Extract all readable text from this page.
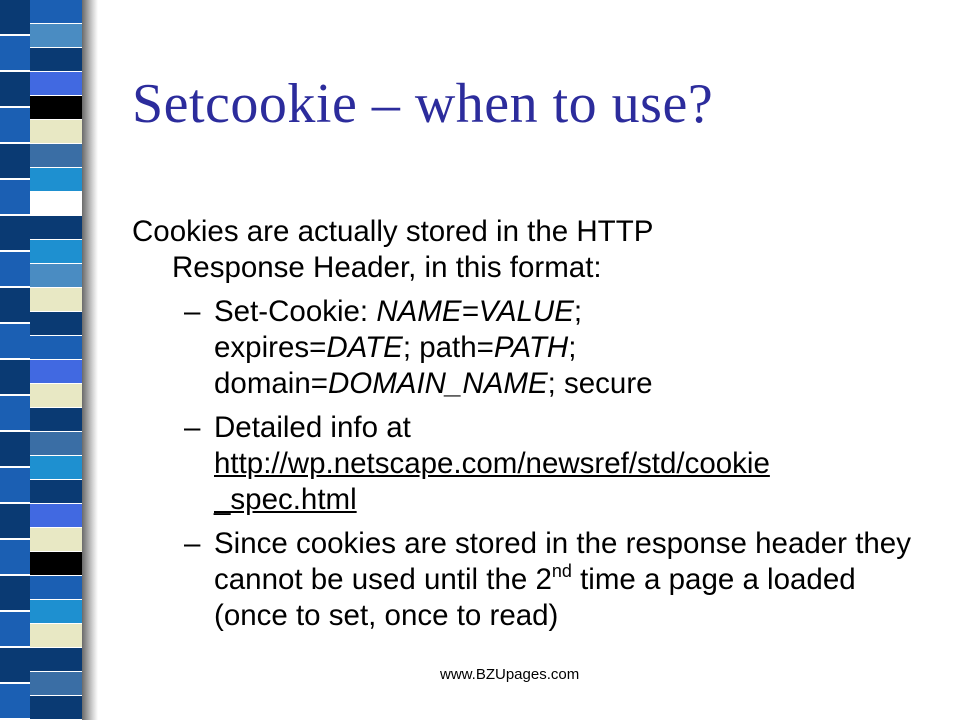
Setcookie – when to use?

Cookies are actually stored in the HTTP
Response Header, in this format:

– Set-Cookie: NAME=VALUE;
expires=DATE; path=PATH;
domain=DOMAIN_NAME; secure

– Detailed info at
http://wp.netscape.com/newsref/std/cookie
_spec.html

– Since cookies are stored in the response header they cannot be used until the 2nd time a page a loaded (once to set, once to read)

www.BZUpages.com
